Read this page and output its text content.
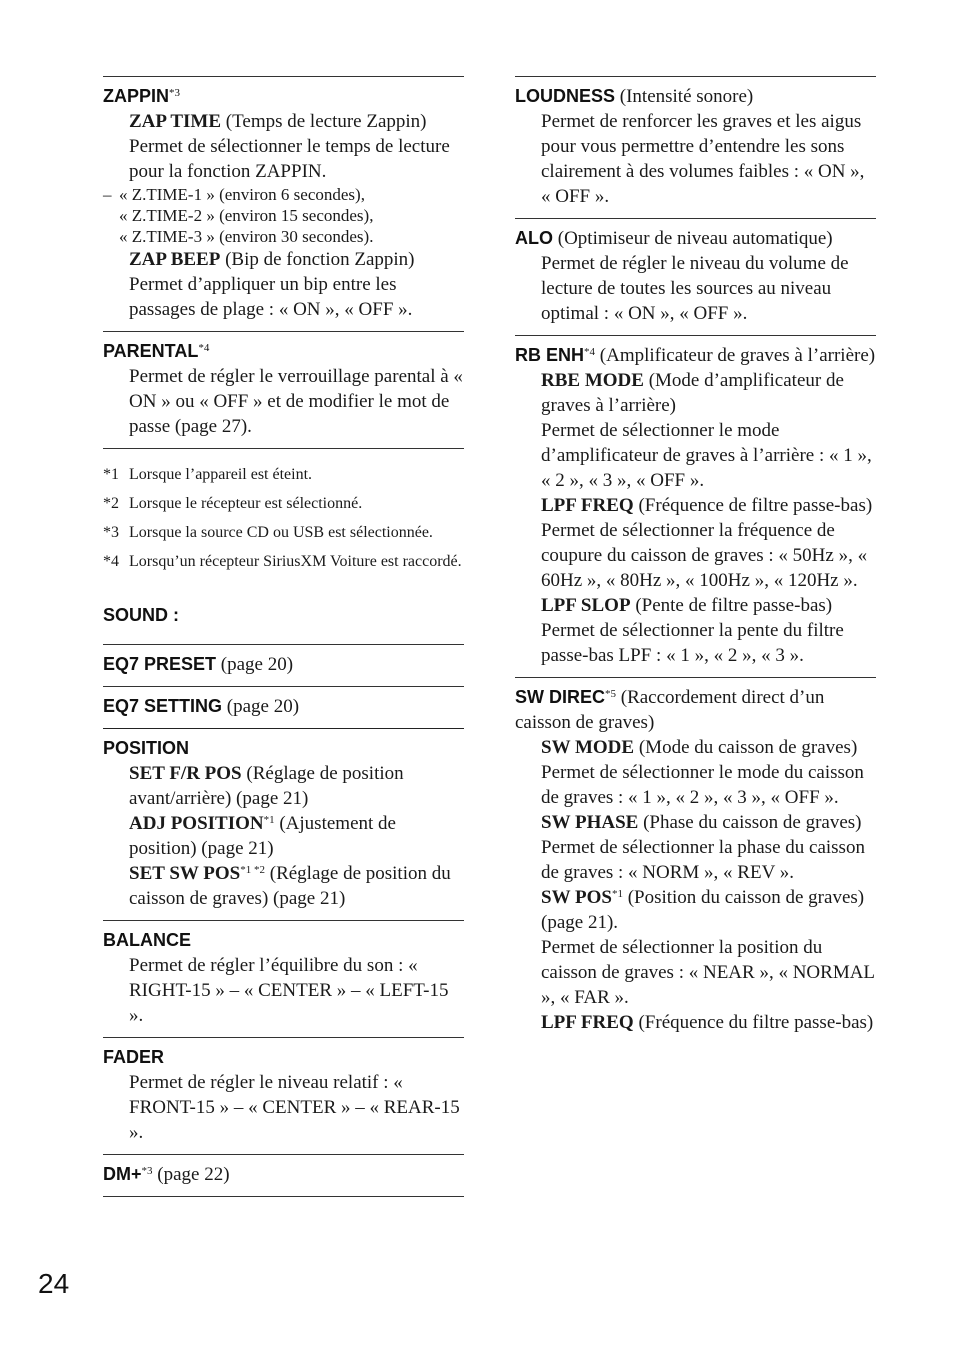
ZAPPIN$^{*3}$
ZAP TIME (Temps de lecture Zappin)
Permet de sélectionner le temps de lecture pour la fonction ZAPPIN.
– « Z.TIME-1 » (environ 6 secondes),
« Z.TIME-2 » (environ 15 secondes),
« Z.TIME-3 » (environ 30 secondes).
ZAP BEEP (Bip de fonction Zappin)
Permet d’appliquer un bip entre les passages de plage : « ON », « OFF ».
PARENTAL$^{*4}$
Permet de régler le verrouillage parental à « ON » ou « OFF » et de modifier le mot de passe (page 27).
*1 Lorsque l’appareil est éteint.
*2 Lorsque le récepteur est sélectionné.
*3 Lorsque la source CD ou USB est sélectionnée.
*4 Lorsqu’un récepteur SiriusXM Voiture est raccordé.
SOUND :
EQ7 PRESET (page 20)
EQ7 SETTING (page 20)
POSITION
SET F/R POS (Réglage de position avant/arrière) (page 21)
ADJ POSITION$^{*1}$ (Ajustement de position) (page 21)
SET SW $POS^{*1 *2}$ (Réglage de position du caisson de graves) (page 21)
BALANCE
Permet de régler l’équilibre du son : « RIGHT-15 » – « CENTER » – « LEFT-15 ».
FADER
Permet de régler le niveau relatif : « FRONT-15 » – « CENTER » – « REAR-15 ».
DM+$^{*3}$ (page 22)
LOUDNESS (Intensité sonore)
Permet de renforcer les graves et les aigus pour vous permettre d’entendre les sons clairement à des volumes faibles : « ON », « OFF ».
ALO (Optimiseur de niveau automatique)
Permet de régler le niveau du volume de lecture de toutes les sources au niveau optimal : « ON », « OFF ».
RB ENH$^{*4}$ (Amplificateur de graves à l’arrière)
RBE MODE (Mode d’amplificateur de graves à l’arrière)
Permet de sélectionner le mode d’amplificateur de graves à l’arrière : « 1 », « 2 », « 3 », « OFF ».
LPF FREQ (Fréquence de filtre passe-bas)
Permet de sélectionner la fréquence de coupure du caisson de graves : « 50Hz », « 60Hz », « 80Hz », « 100Hz », « 120Hz ».
LPF SLOP (Pente de filtre passe-bas)
Permet de sélectionner la pente du filtre passe-bas LPF : « 1 », « 2 », « 3 ».
SW DIREC$^{*5}$ (Raccordement direct d’un caisson de graves)
SW MODE (Mode du caisson de graves)
Permet de sélectionner le mode du caisson de graves : « 1 », « 2 », « 3 », « OFF ».
SW PHASE (Phase du caisson de graves)
Permet de sélectionner la phase du caisson de graves : « NORM », « REV ».
SW POS$^{*1}$ (Position du caisson de graves) (page 21).
Permet de sélectionner la position du caisson de graves : « NEAR », « NORMAL », « FAR ».
LPF FREQ (Fréquence du filtre passe-bas)
24
